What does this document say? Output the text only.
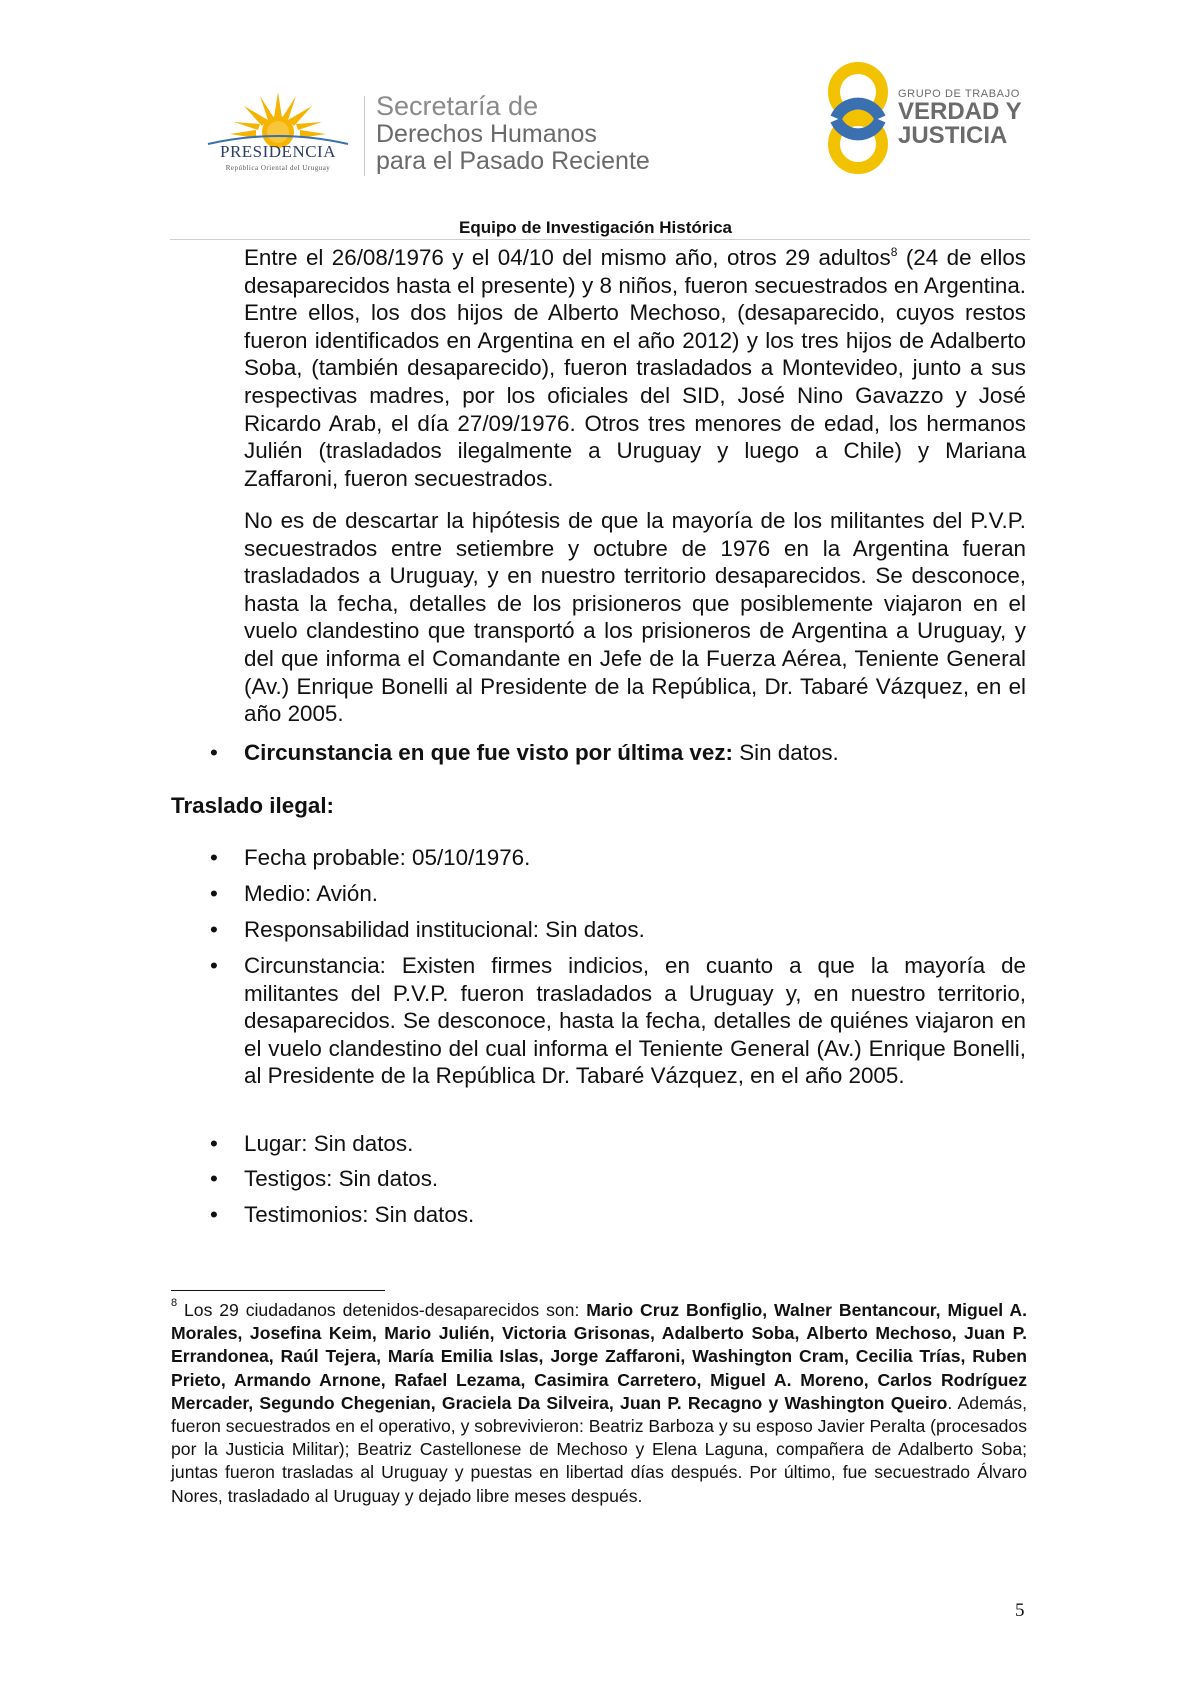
PRESIDENCIA
República Oriental del Uruguay
Secretaría de
Derechos Humanos
para el Pasado Reciente
GRUPO DE TRABAJO
VERDAD Y
JUSTICIA
Equipo de Investigación Histórica

Entre el 26/08/1976 y el 04/10 del mismo año, otros 29 adultos$^8$ (24 de ellos desaparecidos hasta el presente) y 8 niños, fueron secuestrados en Argentina. Entre ellos, los dos hijos de Alberto Mechoso, (desaparecido, cuyos restos fueron identificados en Argentina en el año 2012) y los tres hijos de Adalberto Soba, (también desaparecido), fueron trasladados a Montevideo, junto a sus respectivas madres, por los oficiales del SID, José Nino Gavazzo y José Ricardo Arab, el día 27/09/1976. Otros tres menores de edad, los hermanos Julién (trasladados ilegalmente a Uruguay y luego a Chile) y Mariana Zaffaroni, fueron secuestrados.

No es de descartar la hipótesis de que la mayoría de los militantes del P.V.P. secuestrados entre setiembre y octubre de 1976 en la Argentina fueran trasladados a Uruguay, y en nuestro territorio desaparecidos. Se desconoce, hasta la fecha, detalles de los prisioneros que posiblemente viajaron en el vuelo clandestino que transportó a los prisioneros de Argentina a Uruguay, y del que informa el Comandante en Jefe de la Fuerza Aérea, Teniente General (Av.) Enrique Bonelli al Presidente de la República, Dr. Tabaré Vázquez, en el año 2005.

• Circunstancia en que fue visto por última vez: Sin datos.
Traslado ilegal:
• Fecha probable: 05/10/1976.
• Medio: Avión.
• Responsabilidad institucional: Sin datos.
• Circunstancia: Existen firmes indicios, en cuanto a que la mayoría de militantes del P.V.P. fueron trasladados a Uruguay y, en nuestro territorio, desaparecidos. Se desconoce, hasta la fecha, detalles de quiénes viajaron en el vuelo clandestino del cual informa el Teniente General (Av.) Enrique Bonelli, al Presidente de la República Dr. Tabaré Vázquez, en el año 2005.
• Lugar: Sin datos.
• Testigos: Sin datos.
• Testimonios: Sin datos.
$^8$ Los 29 ciudadanos detenidos-desaparecidos son: Mario Cruz Bonfiglio, Walner Bentancour, Miguel A. Morales, Josefina Keim, Mario Julién, Victoria Grisonas, Adalberto Soba, Alberto Mechoso, Juan P. Errandonea, Raúl Tejera, María Emilia Islas, Jorge Zaffaroni, Washington Cram, Cecilia Trías, Ruben Prieto, Armando Arnone, Rafael Lezama, Casimira Carretero, Miguel A. Moreno, Carlos Rodríguez Mercader, Segundo Chegenian, Graciela Da Silveira, Juan P. Recagno y Washington Queiro. Además, fueron secuestrados en el operativo, y sobrevivieron: Beatriz Barboza y su esposo Javier Peralta (procesados por la Justicia Militar); Beatriz Castellonese de Mechoso y Elena Laguna, compañera de Adalberto Soba; juntas fueron trasladas al Uruguay y puestas en libertad días después. Por último, fue secuestrado Álvaro Nores, trasladado al Uruguay y dejado libre meses después.
5
